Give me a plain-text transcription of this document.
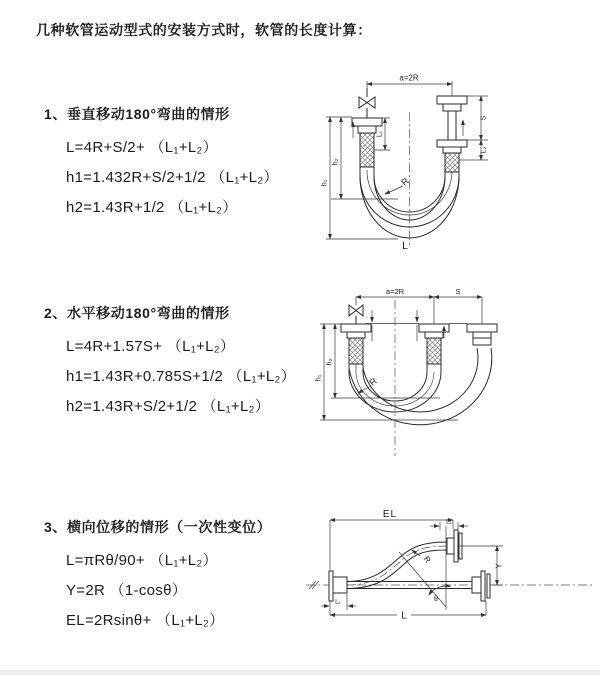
几种软管运动型式的安装方式时，软管的长度计算：

1、垂直移动180°弯曲的情形

L=4R+S/2+ （L₁+L₂）

h1=1.432R+S/2+1/2 （L₁+L₂）

h2=1.43R+1/2 （L₁+L₂）

2、水平移动180°弯曲的情形

L=4R+1.57S+ （L₁+L₂）

h1=1.43R+0.785S+1/2 （L₁+L₂）

h2=1.43R+S/2+1/2 （L₁+L₂）

3、横向位移的情形（一次性变位）

L=πRθ/90+ （L₁+L₂）

Y=2R （1-cosθ）

EL=2Rsinθ+ （L₁+L₂）

a=2R
h₁
h₂
L₁
S
L₂
R
L
a=2R	S
h₁
h₂
R
EL
L₁
Y
θ
R
L
L₁
